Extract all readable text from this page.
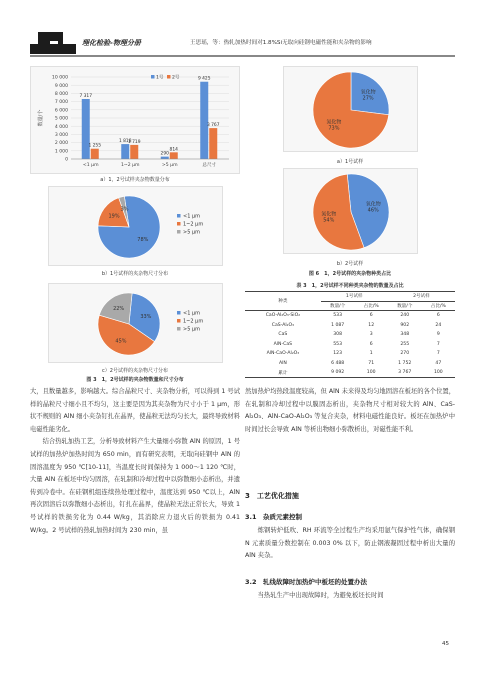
理化检验-物理分册	王思瑶，等：热轧加热时间对1.8%Si无取向硅钢电磁性能和夹杂物的影响
0
1 000
2 000
3 000
4 000
5 000
6 000
7 000
8 000
9 000
10 000
数量/个
<1 μm
7 317
1 255
1~2 μm
1 818
1 719
>5 μm
290
814
总尺寸
9 425
3 767
1号 2号
a）1，2号试样夹杂物数量分布
78%
19%
3%
<1 μm
1~2 μm
>5 μm
b）1号试样的夹杂物尺寸分布
33%
45%
22%
<1 μm
1~2 μm
>5 μm
c）2号试样的夹杂物尺寸分布
图 3　1，2号试样的夹杂物数量和尺寸分布
氧化物
27%
氮化物
73%
a）1号试样
氧化物
46%
氮化物
54%
b）2号试样
图 6　1，2号试样的夹杂物种类占比
表 3　1，2号试样不同种类夹杂物的数量及占比
种类	1号试样		2号试样	
	数量/个	占比/%	数量/个	占比/%
CaO-Al₂O₃-SiO₂	533	6	240	6
CaS-Al₂O₃	1 087	12	902	24
CaS	308	3	348	9
AlN-CaS	553	6	255	7
AlN-CaO-Al₂O₃	123	1	270	7
AlN	6 488	71	1 752	47
累计	9 092	100	3 767	100

大，且数量越多，影响越大。综合晶粒尺寸、夹杂物分析，可以得到 1 号试样的晶粒尺寸细小且不均匀，这主要是因为其夹杂物为尺寸小于 1 μm，形状不规则的 AlN 细小夹杂钉扎在晶界，使晶粒无法均匀长大，最终导致材料电磁性能劣化。

结合热轧加热工艺，分析导致材料产生大量细小弥散 AlN 的原因，1 号试样的加热炉加热时间为 650 min，而有研究表明，无取向硅钢中 AlN 的固溶温度为 950 ℃[10-11]，当温度长时间保持为 1 000～1 120 ℃时，大量 AlN 在板坯中均匀固溶，在轧制和冷却过程中以弥散细小态析出，并遗传到冷卷中。在硅钢机组连续热处理过程中，温度达到 950 ℃以上，AlN 再次固溶后以弥散细小态析出，钉扎在晶界，使晶粒无法正常长大，导致 1 号试样的铁损劣化为 0.44 W/kg，其消除应力退火后的铁损为 0.41 W/kg。2 号试样的热轧加热时间为 230 min，虽

然加热炉均热段温度较高，但 AlN 未来得及均匀地固溶在板坯的各个位置，在轧制和冷却过程中以膜固态析出，夹杂物尺寸相对较大的 AlN、CaS-Al₂O₃、AlN-CaO-Al₂O₃ 等复合夹杂，材料电磁性能良好。板坯在加热炉中时间过长会导致 AlN 等析出物细小弥散析出，对磁性能不利。

3　工艺优化措施
3.1　杂质元素控制

炼钢转炉低吹、RH 环流等全过程生产均采用氩气保护性气体，确保钢 N 元素质量分数控制在 0.003 0% 以下，防止钢液凝固过程中析出大量的 AlN 夹杂。

3.2　轧线故障时加热炉中板坯的处置办法

当热轧生产中出现故障时，为避免板坯长时间

45
